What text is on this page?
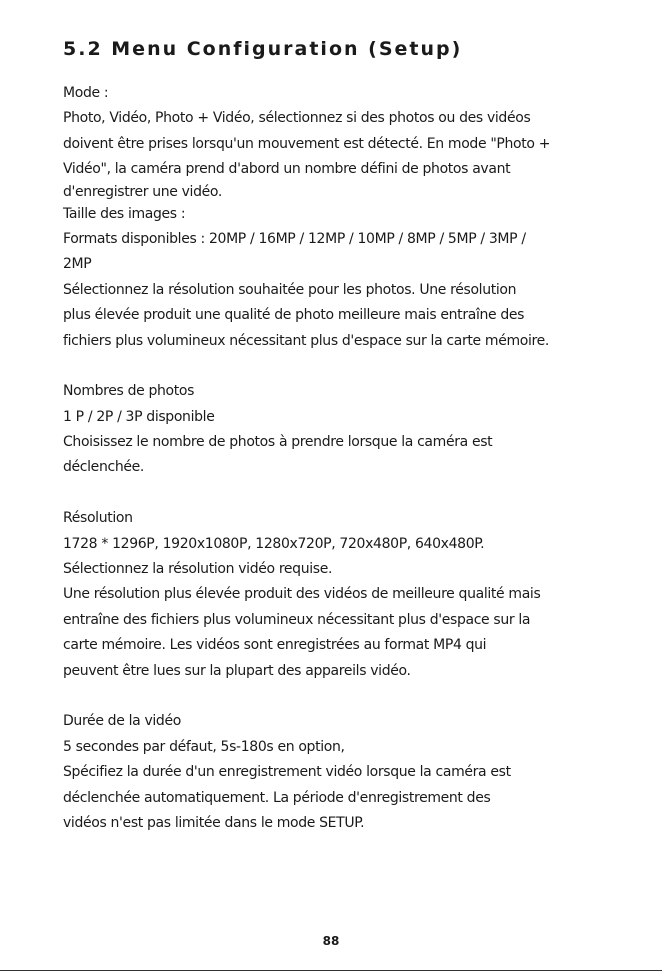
5.2 Menu Configuration (Setup)
Mode :
Photo, Vidéo, Photo + Vidéo, sélectionnez si des photos ou des vidéos
doivent être prises lorsqu'un mouvement est détecté. En mode "Photo +
Vidéo", la caméra prend d'abord un nombre défini de photos avant
d'enregistrer une vidéo.
Taille des images :
Formats disponibles : 20MP / 16MP / 12MP / 10MP / 8MP / 5MP / 3MP /
2MP
Sélectionnez la résolution souhaitée pour les photos. Une résolution
plus élevée produit une qualité de photo meilleure mais entraîne des
fichiers plus volumineux nécessitant plus d'espace sur la carte mémoire.
Nombres de photos
1 P / 2P / 3P disponible
Choisissez le nombre de photos à prendre lorsque la caméra est
déclenchée.
Résolution
1728 * 1296P, 1920x1080P, 1280x720P, 720x480P, 640x480P.
Sélectionnez la résolution vidéo requise.
Une résolution plus élevée produit des vidéos de meilleure qualité mais
entraîne des fichiers plus volumineux nécessitant plus d'espace sur la
carte mémoire. Les vidéos sont enregistrées au format MP4 qui
peuvent être lues sur la plupart des appareils vidéo.
Durée de la vidéo
5 secondes par défaut, 5s-180s en option,
Spécifiez la durée d'un enregistrement vidéo lorsque la caméra est
déclenchée automatiquement. La période d'enregistrement des
vidéos n'est pas limitée dans le mode SETUP.
88
